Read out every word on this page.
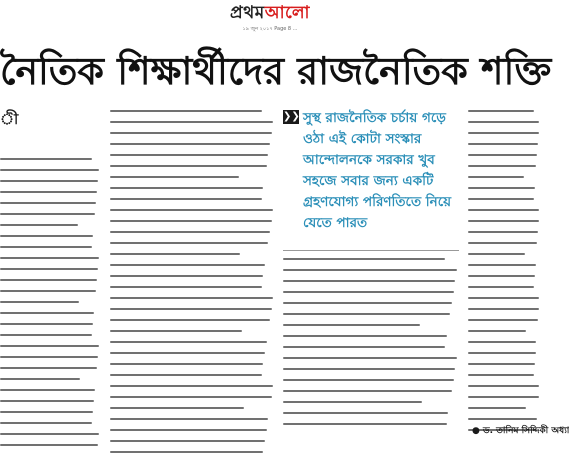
প্রথমআলো
১৯ জুন ২০১৭ Page 8 ...
নৈতিক শিক্ষার্থীদের রাজনৈতিক শক্তি
ী	❯❯ সুস্থ রাজনৈতিক চর্চায় গড়ে ওঠা এই কোটা সংস্কার আন্দোলনকে সরকার খুব সহজে সবার জন্য একটি গ্রহণযোগ্য পরিণতিতে নিয়ে যেতে পারত
● ড. তানিম সিদ্দিকী অধ্যা
